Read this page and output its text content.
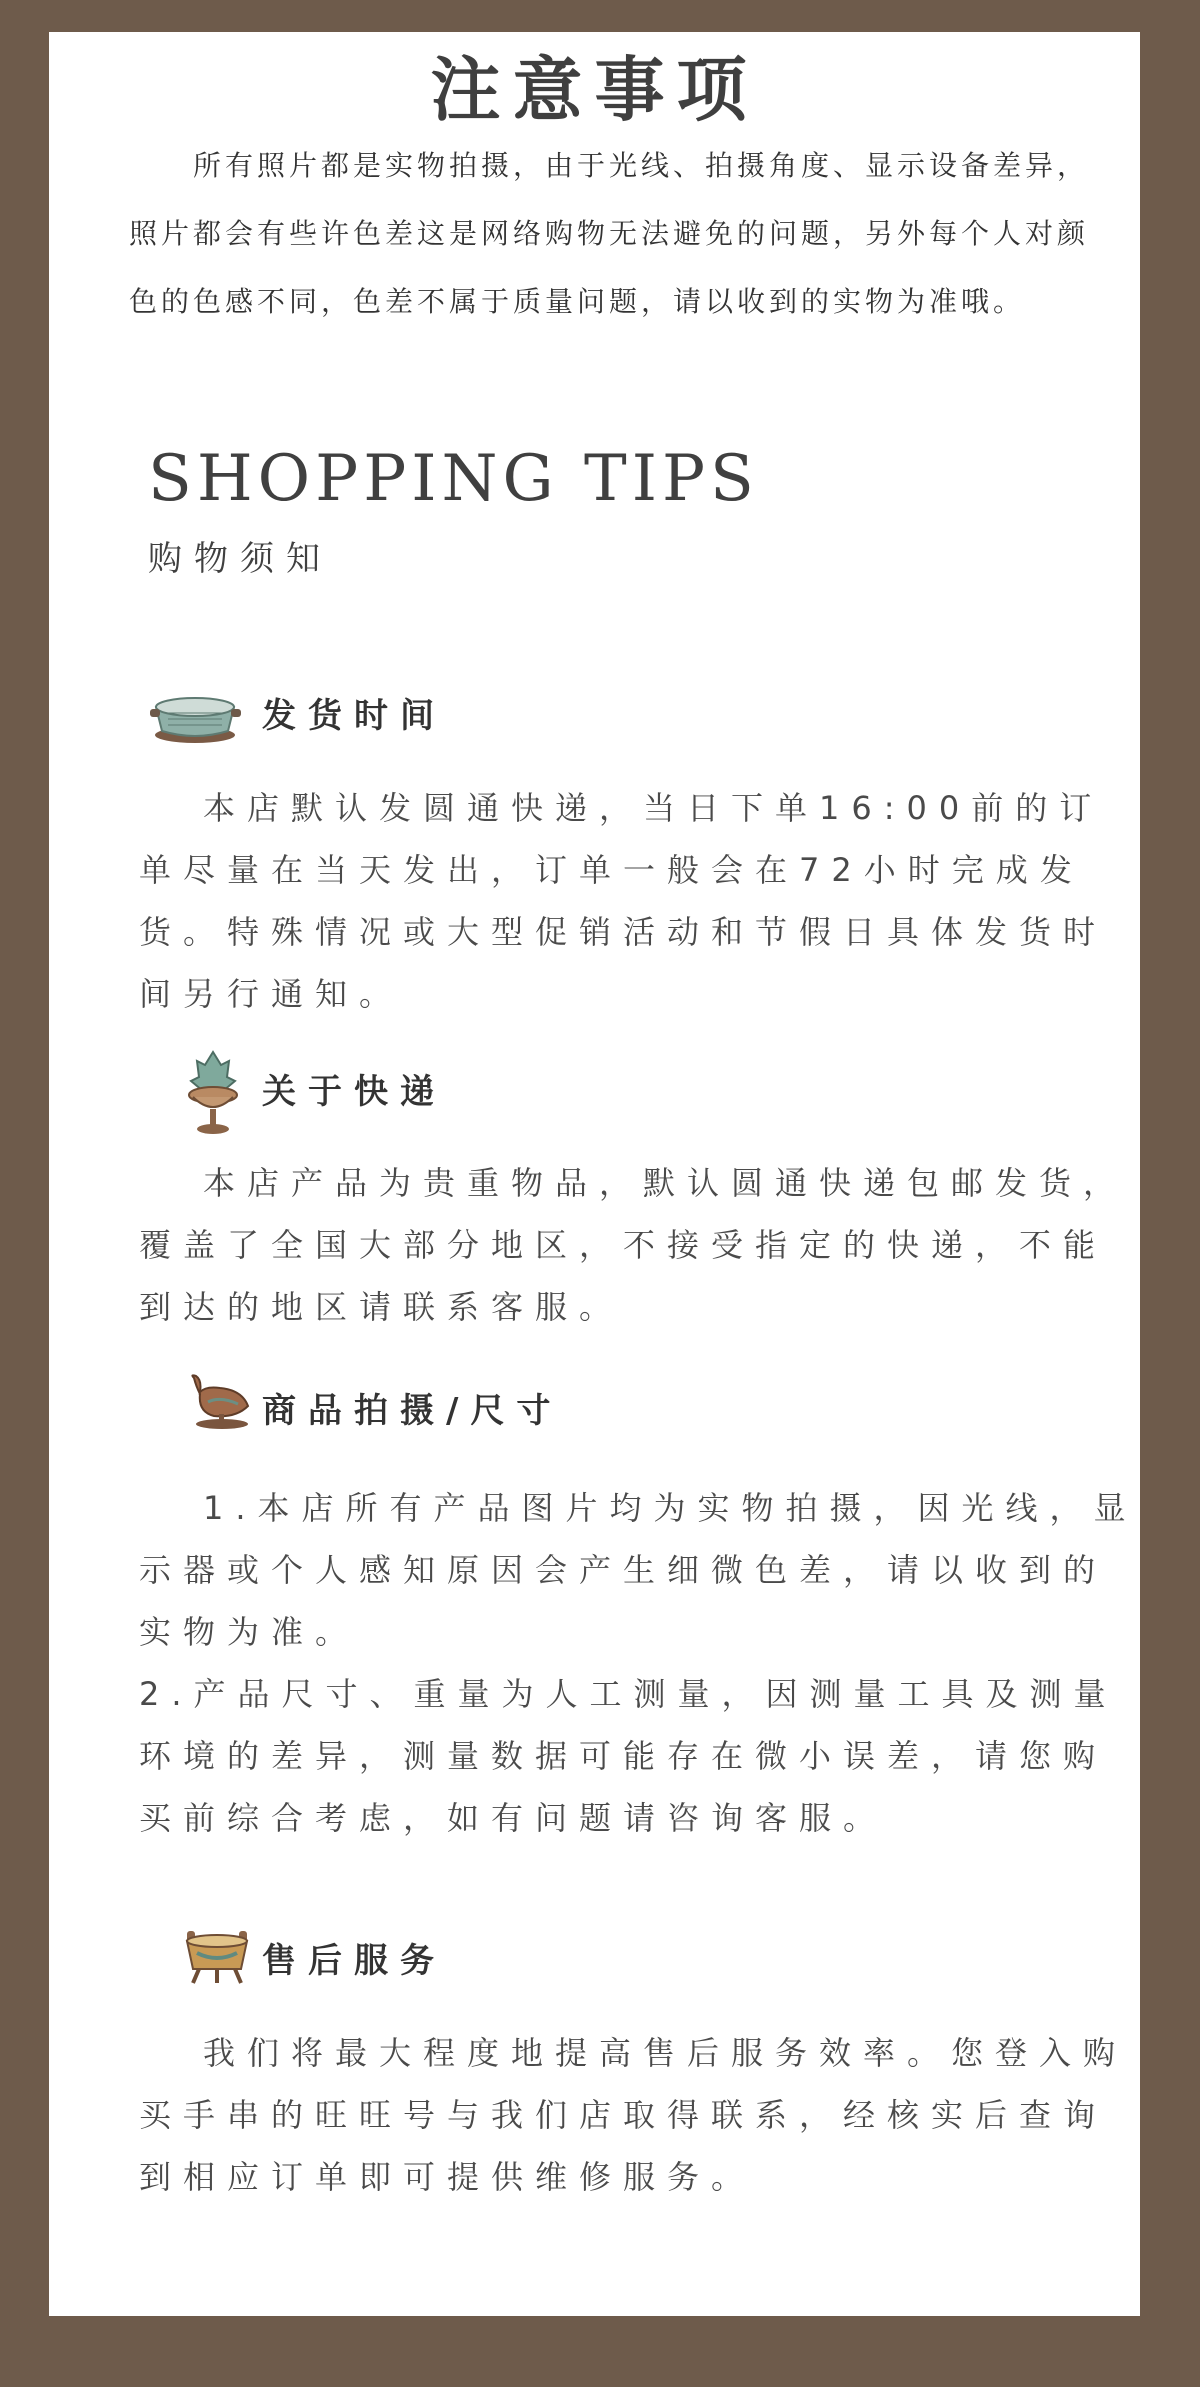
注意事项
所有照片都是实物拍摄，由于光线、拍摄角度、显示设备差异，照片都会有些许色差这是网络购物无法避免的问题，另外每个人对颜色的色感不同，色差不属于质量问题，请以收到的实物为准哦。
SHOPPING TIPS
购物须知
发货时间

本店默认发圆通快递，当日下单16:00前的订单尽量在当天发出，订单一般会在72小时完成发货。特殊情况或大型促销活动和节假日具体发货时间另行通知。

关于快递

本店产品为贵重物品，默认圆通快递包邮发货，覆盖了全国大部分地区，不接受指定的快递，不能到达的地区请联系客服。

商品拍摄/尺寸

1.本店所有产品图片均为实物拍摄，因光线，显示器或个人感知原因会产生细微色差，请以收到的实物为准。

2.产品尺寸、重量为人工测量，因测量工具及测量环境的差异，测量数据可能存在微小误差，请您购买前综合考虑，如有问题请咨询客服。

售后服务

我们将最大程度地提高售后服务效率。您登入购买手串的旺旺号与我们店取得联系，经核实后查询到相应订单即可提供维修服务。
